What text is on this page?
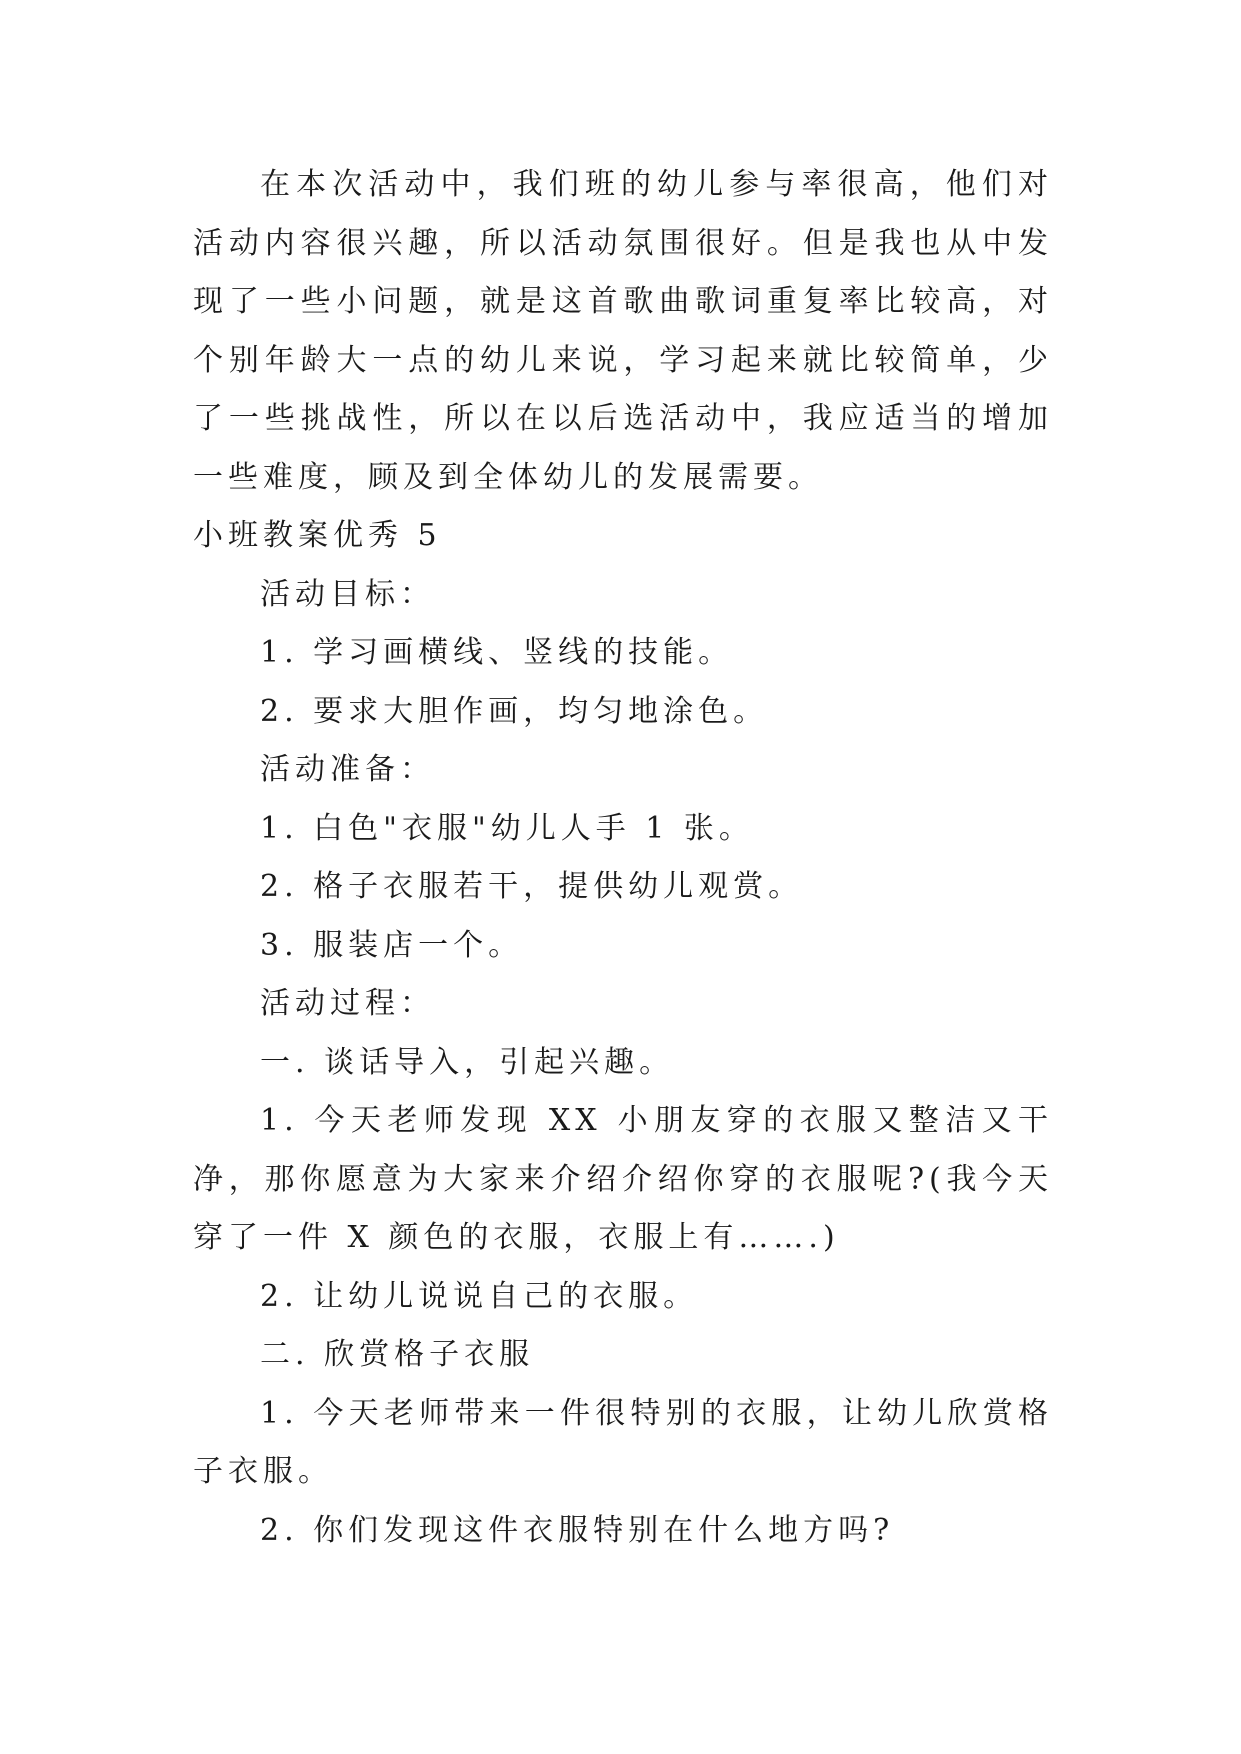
在本次活动中，我们班的幼儿参与率很高，他们对活动内容很兴趣，所以活动氛围很好。但是我也从中发现了一些小问题，就是这首歌曲歌词重复率比较高，对个别年龄大一点的幼儿来说，学习起来就比较简单，少了一些挑战性，所以在以后选活动中，我应适当的增加一些难度，顾及到全体幼儿的发展需要。

小班教案优秀 5

活动目标：

1. 学习画横线、竖线的技能。

2. 要求大胆作画，均匀地涂色。

活动准备：

1. 白色"衣服"幼儿人手 1 张。

2. 格子衣服若干，提供幼儿观赏。

3. 服装店一个。

活动过程：

一. 谈话导入，引起兴趣。

1. 今天老师发现 XX 小朋友穿的衣服又整洁又干净，那你愿意为大家来介绍介绍你穿的衣服呢?(我今天穿了一件 X 颜色的衣服，衣服上有…….)

2. 让幼儿说说自己的衣服。

二. 欣赏格子衣服

1. 今天老师带来一件很特别的衣服，让幼儿欣赏格子衣服。

2. 你们发现这件衣服特别在什么地方吗?
